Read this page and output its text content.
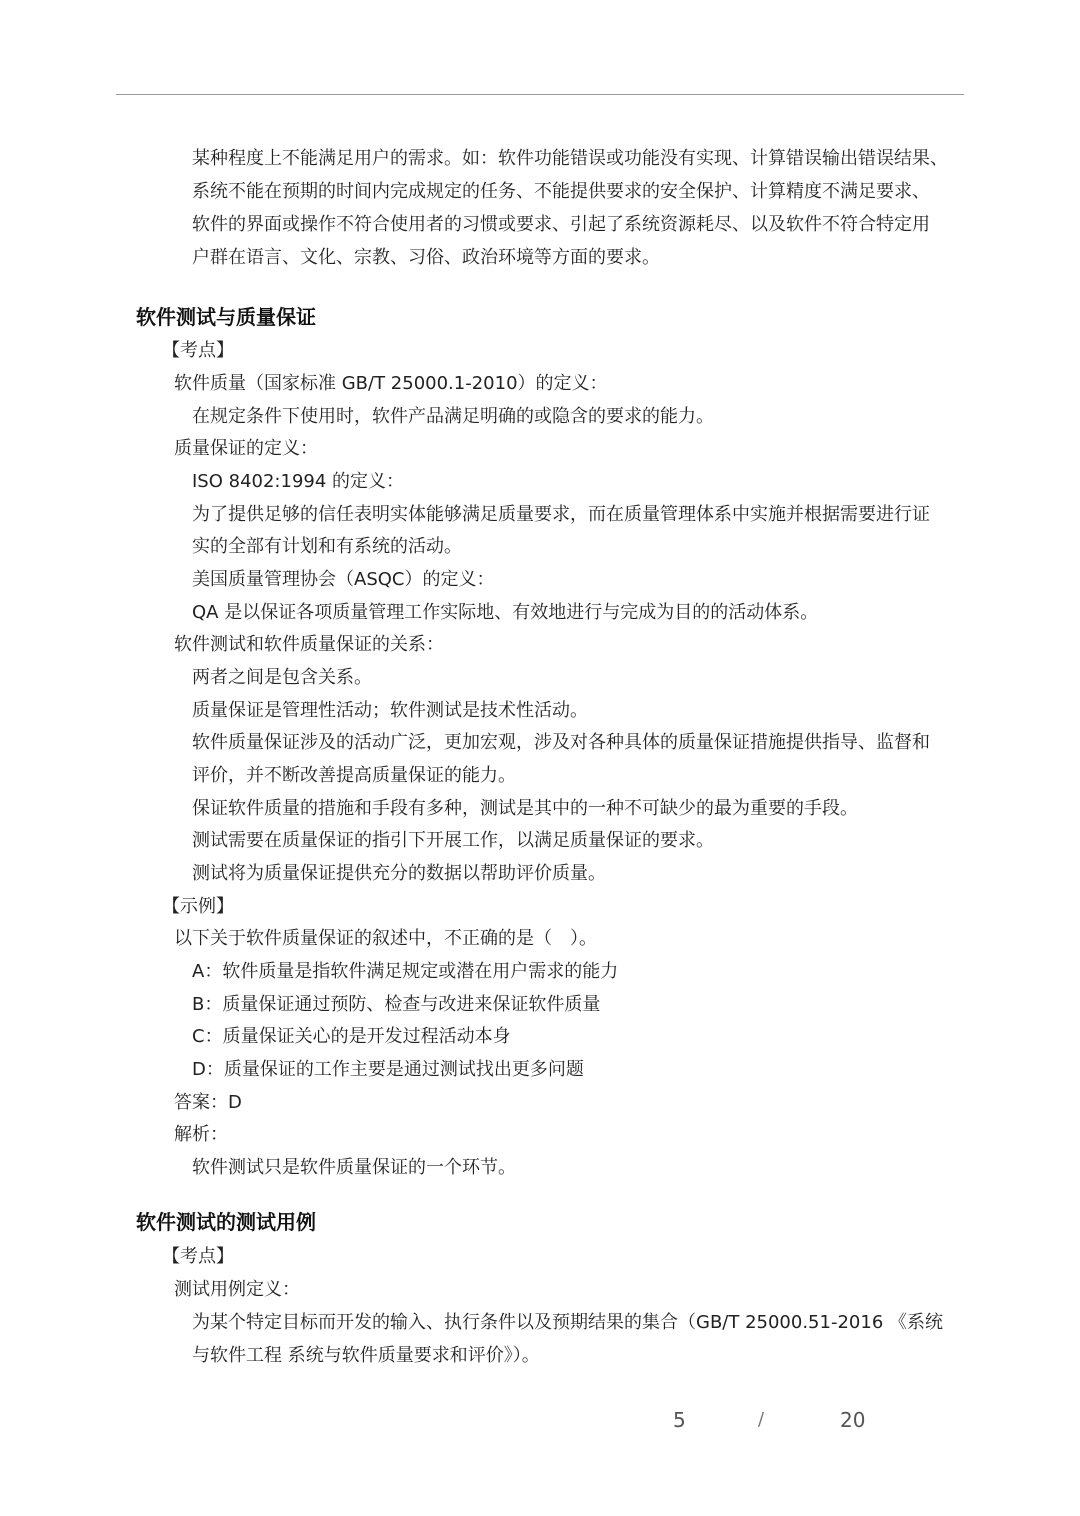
某种程度上不能满足用户的需求。如：软件功能错误或功能没有实现、计算错误输出错误结果、
系统不能在预期的时间内完成规定的任务、不能提供要求的安全保护、计算精度不满足要求、
软件的界面或操作不符合使用者的习惯或要求、引起了系统资源耗尽、以及软件不符合特定用
户群在语言、文化、宗教、习俗、政治环境等方面的要求。
软件测试与质量保证
【考点】
软件质量（国家标准 GB/T 25000.1-2010）的定义：
在规定条件下使用时，软件产品满足明确的或隐含的要求的能力。
质量保证的定义：
ISO 8402:1994 的定义：
为了提供足够的信任表明实体能够满足质量要求，而在质量管理体系中实施并根据需要进行证
实的全部有计划和有系统的活动。
美国质量管理协会（ASQC）的定义：
QA 是以保证各项质量管理工作实际地、有效地进行与完成为目的的活动体系。
软件测试和软件质量保证的关系：
两者之间是包含关系。
质量保证是管理性活动；软件测试是技术性活动。
软件质量保证涉及的活动广泛，更加宏观，涉及对各种具体的质量保证措施提供指导、监督和
评价，并不断改善提高质量保证的能力。
保证软件质量的措施和手段有多种，测试是其中的一种不可缺少的最为重要的手段。
测试需要在质量保证的指引下开展工作，以满足质量保证的要求。
测试将为质量保证提供充分的数据以帮助评价质量。
【示例】
以下关于软件质量保证的叙述中，不正确的是（　）。
A：软件质量是指软件满足规定或潜在用户需求的能力
B：质量保证通过预防、检查与改进来保证软件质量
C：质量保证关心的是开发过程活动本身
D：质量保证的工作主要是通过测试找出更多问题
答案：D
解析：
软件测试只是软件质量保证的一个环节。
软件测试的测试用例
【考点】
测试用例定义：
为某个特定目标而开发的输入、执行条件以及预期结果的集合（GB/T 25000.51-2016 《系统
与软件工程 系统与软件质量要求和评价》）。
5	/	20
